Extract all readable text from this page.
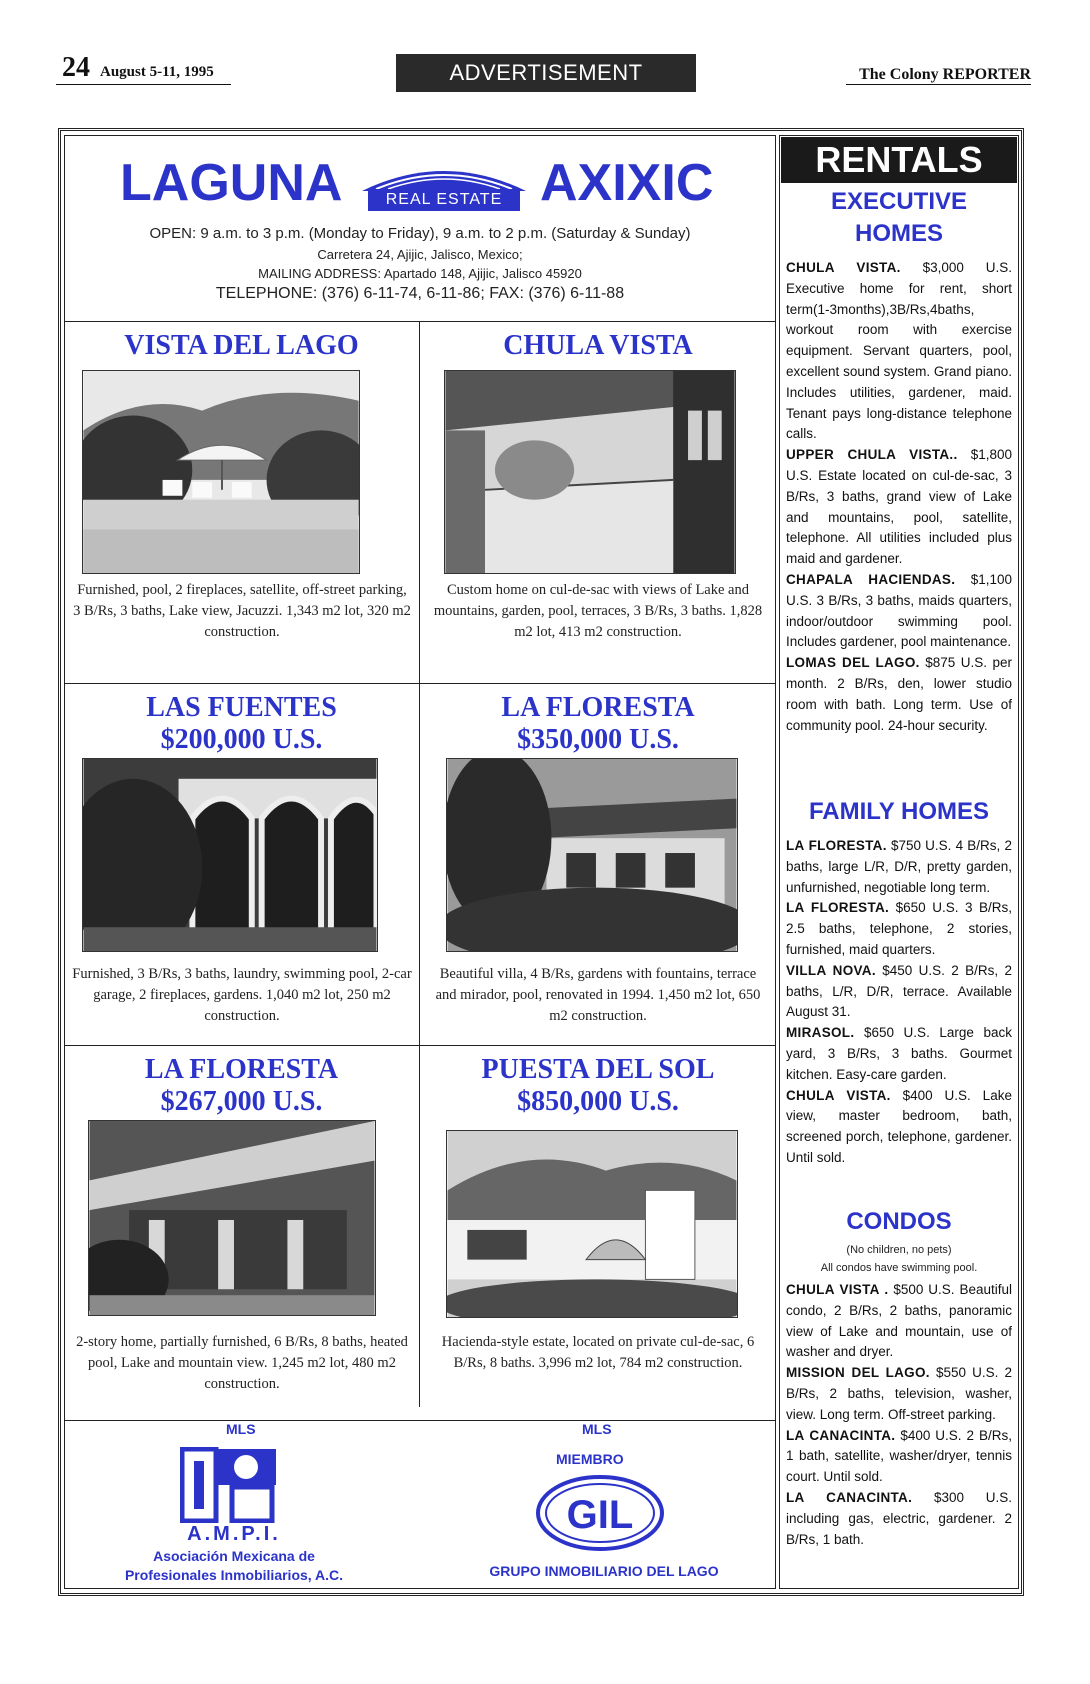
24 August 5-11, 1995	ADVERTISEMENT	The Colony REPORTER
LAGUNA	REAL ESTATE AXIXIC
OPEN: 9 a.m. to 3 p.m. (Monday to Friday), 9 a.m. to 2 p.m. (Saturday & Sunday)
Carretera 24, Ajijic, Jalisco, Mexico;
MAILING ADDRESS: Apartado 148, Ajijic, Jalisco 45920
TELEPHONE: (376) 6-11-74, 6-11-86; FAX: (376) 6-11-88
VISTA DEL LAGO
Furnished, pool, 2 fireplaces, satellite, off-street parking, 3 B/Rs, 3 baths, Lake view, Jacuzzi. 1,343 m2 lot, 320 m2 construction.
CHULA VISTA
Custom home on cul-de-sac with views of Lake and mountains, garden, pool, terraces, 3 B/Rs, 3 baths. 1,828 m2 lot, 413 m2 construction.
LAS FUENTES
$200,000 U.S.
Furnished, 3 B/Rs, 3 baths, laundry, swimming pool, 2-car garage, 2 fireplaces, gardens. 1,040 m2 lot, 250 m2 construction.
LA FLORESTA
$350,000 U.S.
Beautiful villa, 4 B/Rs, gardens with fountains, terrace and mirador, pool, renovated in 1994. 1,450 m2 lot, 650 m2 construction.
LA FLORESTA
$267,000 U.S.
2-story home, partially furnished, 6 B/Rs, 8 baths, heated pool, Lake and mountain view. 1,245 m2 lot, 480 m2 construction.
PUESTA DEL SOL
$850,000 U.S.
Hacienda-style estate, located on private cul-de-sac, 6 B/Rs, 8 baths. 3,996 m2 lot, 784 m2 construction.
MLS	MLS
A.M.P.I.
Asociación Mexicana de
Profesionales Inmobiliarios, A.C.
MIEMBRO
GIL
GRUPO INMOBILIARIO DEL LAGO
RENTALS
EXECUTIVE
HOMES

CHULA VISTA. $3,000 U.S. Executive home for rent, short term(1-3months),3B/Rs,4baths, workout room with exercise equipment. Servant quarters, pool, excellent sound system. Grand piano. Includes utilities, gardener, maid. Tenant pays long-distance telephone calls.

UPPER CHULA VISTA.. $1,800 U.S. Estate located on cul-de-sac, 3 B/Rs, 3 baths, grand view of Lake and mountains, pool, satellite, telephone. All utilities included plus maid and gardener.

CHAPALA HACIENDAS. $1,100 U.S. 3 B/Rs, 3 baths, maids quarters, indoor/outdoor swimming pool. Includes gardener, pool maintenance.

LOMAS DEL LAGO. $875 U.S. per month. 2 B/Rs, den, lower studio room with bath. Long term. Use of community pool. 24-hour security.

FAMILY HOMES

LA FLORESTA. $750 U.S. 4 B/Rs, 2 baths, large L/R, D/R, pretty garden, unfurnished, negotiable long term.

LA FLORESTA. $650 U.S. 3 B/Rs, 2.5 baths, telephone, 2 stories, furnished, maid quarters.

VILLA NOVA. $450 U.S. 2 B/Rs, 2 baths, L/R, D/R, terrace. Available August 31.

MIRASOL. $650 U.S. Large back yard, 3 B/Rs, 3 baths. Gourmet kitchen. Easy-care garden.

CHULA VISTA. $400 U.S. Lake view, master bedroom, bath, screened porch, telephone, gardener. Until sold.

CONDOS
(No children, no pets)
All condos have swimming pool.

CHULA VISTA . $500 U.S. Beautiful condo, 2 B/Rs, 2 baths, panoramic view of Lake and mountain, use of washer and dryer.

MISSION DEL LAGO. $550 U.S. 2 B/Rs, 2 baths, television, washer, view. Long term. Off-street parking.

LA CANACINTA. $400 U.S. 2 B/Rs, 1 bath, satellite, washer/dryer, tennis court. Until sold.

LA CANACINTA. $300 U.S. including gas, electric, gardener. 2 B/Rs, 1 bath.
